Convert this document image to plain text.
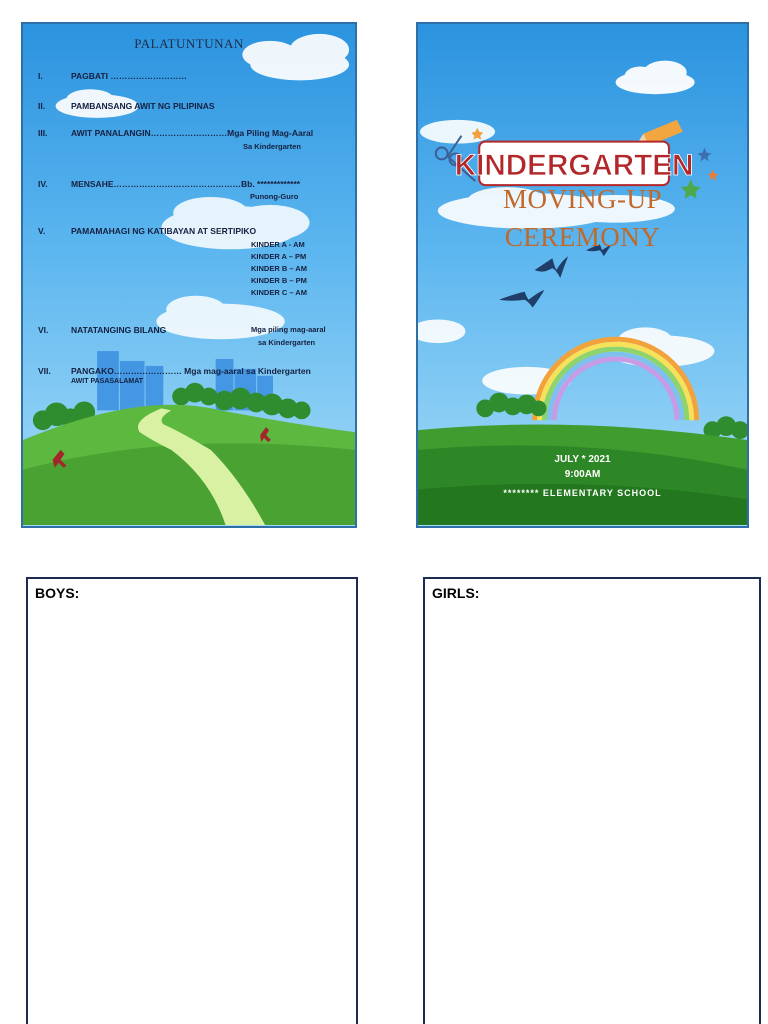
PALATUNTUNAN
I.
II.
III.
IV.
V.
VI.
VII.
PAGBATI ………………………
PAMBANSANG AWIT NG PILIPINAS
AWIT PANALANGIN………………………Mga Piling Mag-Aaral
Sa Kindergarten
MENSAHE………………………………………Bb. *************
Punong-Guro
PAMAMAHAGI NG KATIBAYAN AT SERTIPIKO
KINDER A - AM
KINDER A – PM
KINDER B – AM
KINDER B – PM
KINDER C – AM
NATATANGING BILANG	Mga piling mag-aaral
sa Kindergarten
PANGAKO…………………… Mga mag-aaral sa Kindergarten
AWIT PASASALAMAT
KINDERGARTEN
MOVING-UP
CEREMONY
JULY * 2021
9:00AM
******** ELEMENTARY SCHOOL
BOYS:	GIRLS:
